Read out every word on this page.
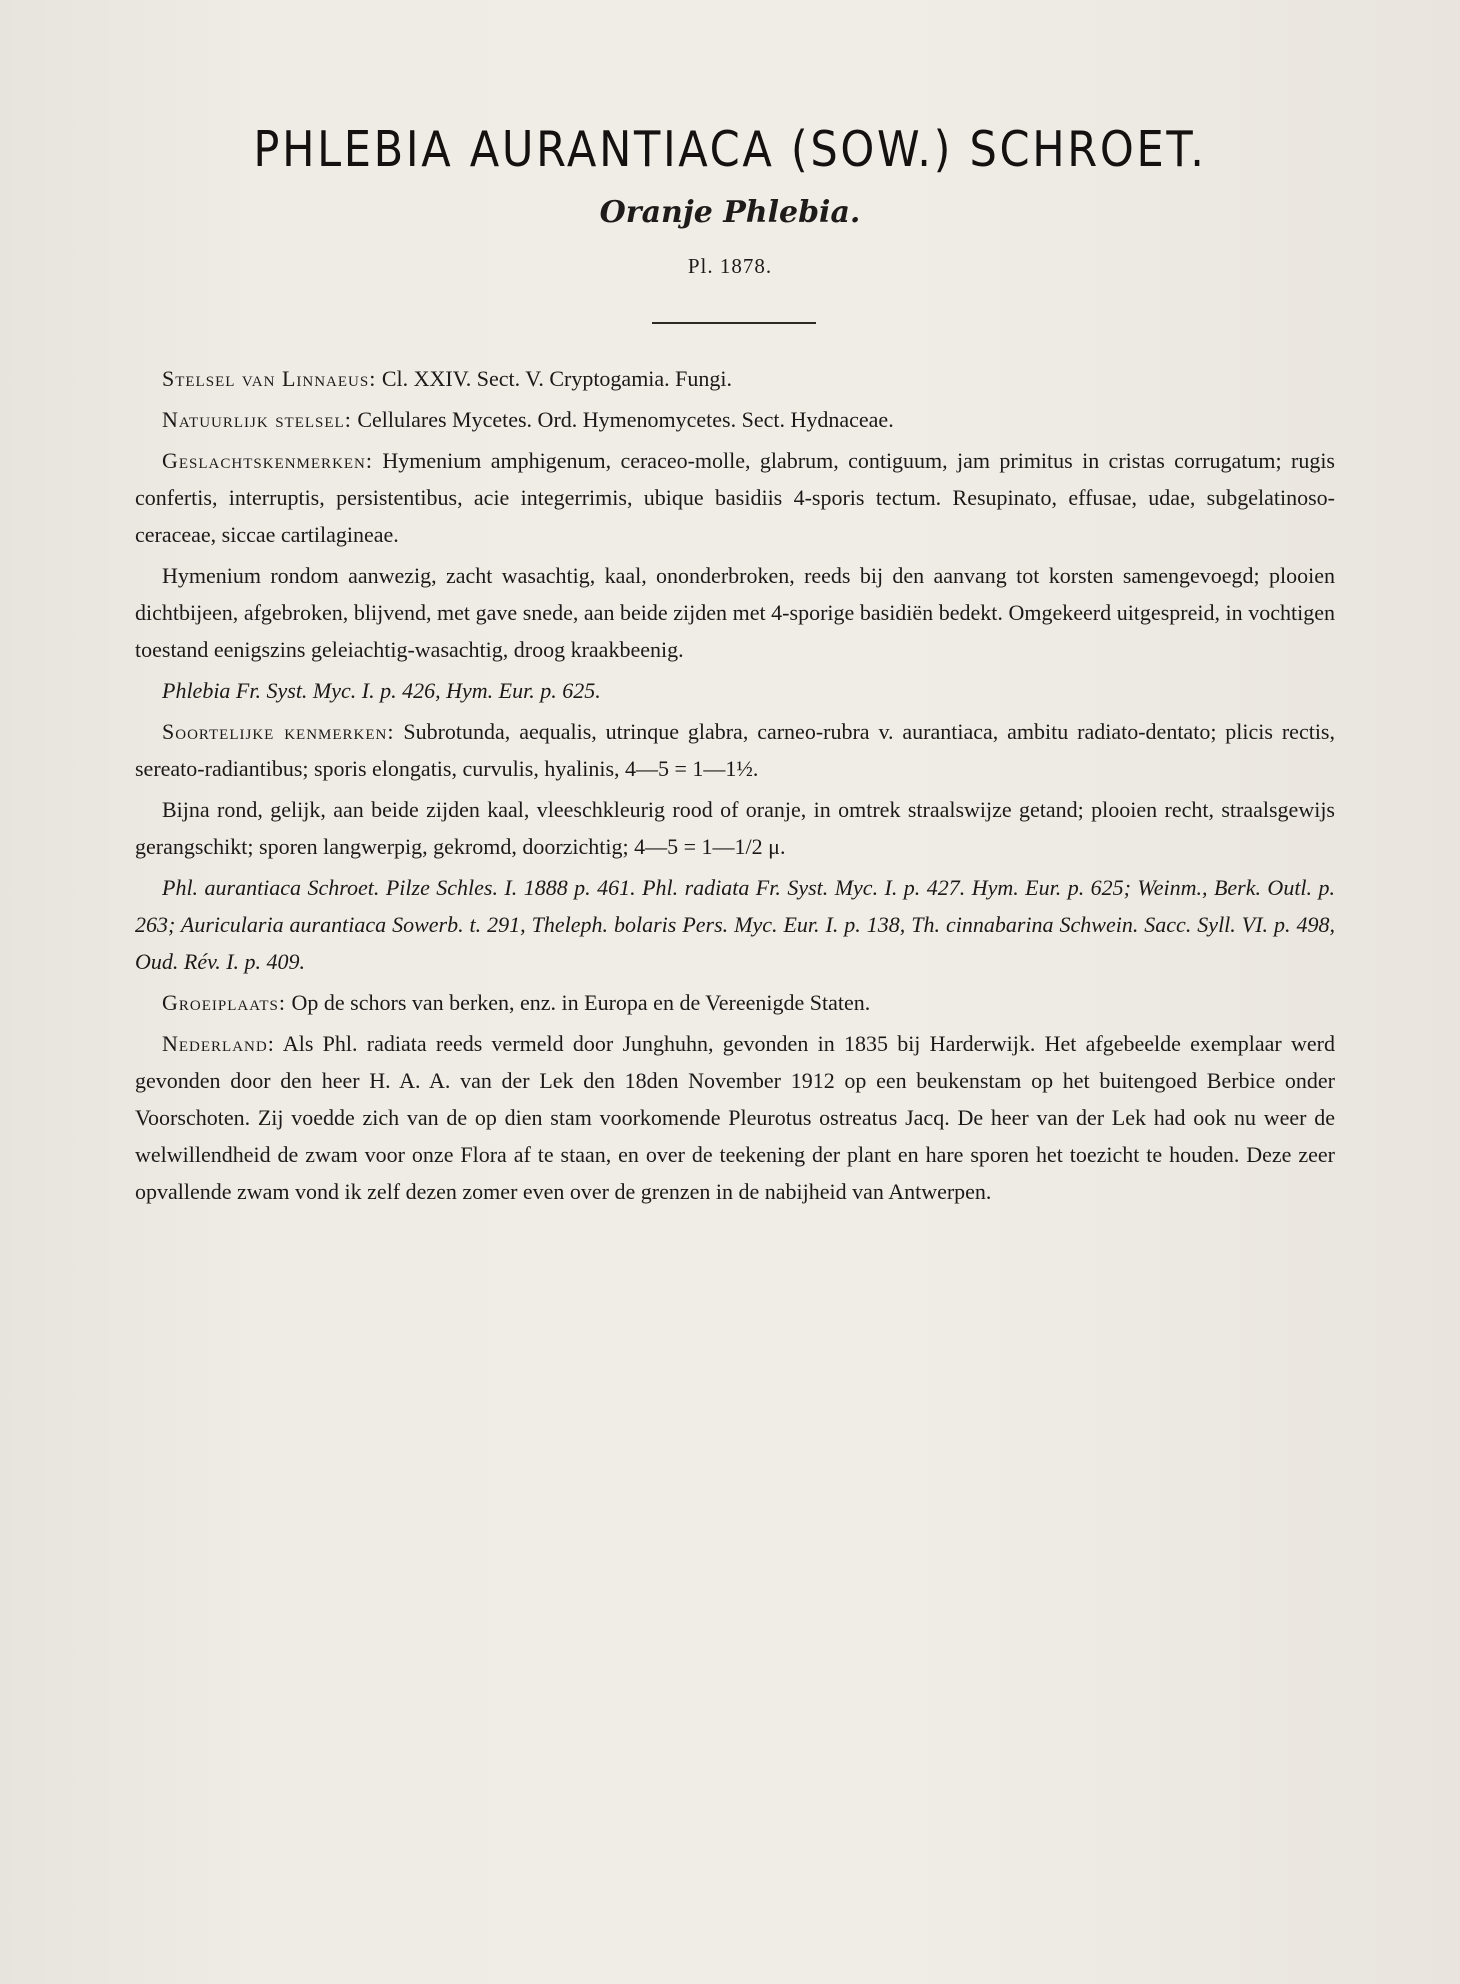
PHLEBIA AURANTIACA (SOW.) SCHROET.
Oranje Phlebia.
Pl. 1878.

Stelsel van Linnaeus: Cl. XXIV. Sect. V. Cryptogamia. Fungi.

Natuurlijk stelsel: Cellulares Mycetes. Ord. Hymenomycetes. Sect. Hydnaceae.

Geslachtskenmerken: Hymenium amphigenum, ceraceo-molle, glabrum, contiguum, jam primitus in cristas corrugatum; rugis confertis, interruptis, persistentibus, acie integerrimis, ubique basidiis 4-sporis tectum. Resupinato, effusae, udae, subgelatinoso-ceraceae, siccae cartilagineae.

Hymenium rondom aanwezig, zacht wasachtig, kaal, ononderbroken, reeds bij den aanvang tot korsten samengevoegd; plooien dichtbijeen, afgebroken, blijvend, met gave snede, aan beide zijden met 4-sporige basidiën bedekt. Omgekeerd uitgespreid, in vochtigen toestand eenigszins geleiachtig-wasachtig, droog kraakbeenig.

Phlebia Fr. Syst. Myc. I. p. 426, Hym. Eur. p. 625.

Soortelijke kenmerken: Subrotunda, aequalis, utrinque glabra, carneo-rubra v. aurantiaca, ambitu radiato-dentato; plicis rectis, sereato-radiantibus; sporis elongatis, curvulis, hyalinis, 4—5 = 1—1½.

Bijna rond, gelijk, aan beide zijden kaal, vleeschkleurig rood of oranje, in omtrek straalswijze getand; plooien recht, straalsgewijs gerangschikt; sporen langwerpig, gekromd, doorzichtig; 4—5 = 1—1/2 μ.

Phl. aurantiaca Schroet. Pilze Schles. I. 1888 p. 461. Phl. radiata Fr. Syst. Myc. I. p. 427. Hym. Eur. p. 625; Weinm., Berk. Outl. p. 263; Auricularia aurantiaca Sowerb. t. 291, Theleph. bolaris Pers. Myc. Eur. I. p. 138, Th. cinnabarina Schwein. Sacc. Syll. VI. p. 498, Oud. Rév. I. p. 409.

Groeiplaats: Op de schors van berken, enz. in Europa en de Vereenigde Staten.

Nederland: Als Phl. radiata reeds vermeld door Junghuhn, gevonden in 1835 bij Harderwijk. Het afgebeelde exemplaar werd gevonden door den heer H. A. A. van der Lek den 18den November 1912 op een beukenstam op het buitengoed Berbice onder Voorschoten. Zij voedde zich van de op dien stam voorkomende Pleurotus ostreatus Jacq. De heer van der Lek had ook nu weer de welwillendheid de zwam voor onze Flora af te staan, en over de teekening der plant en hare sporen het toezicht te houden. Deze zeer opvallende zwam vond ik zelf dezen zomer even over de grenzen in de nabijheid van Antwerpen.
